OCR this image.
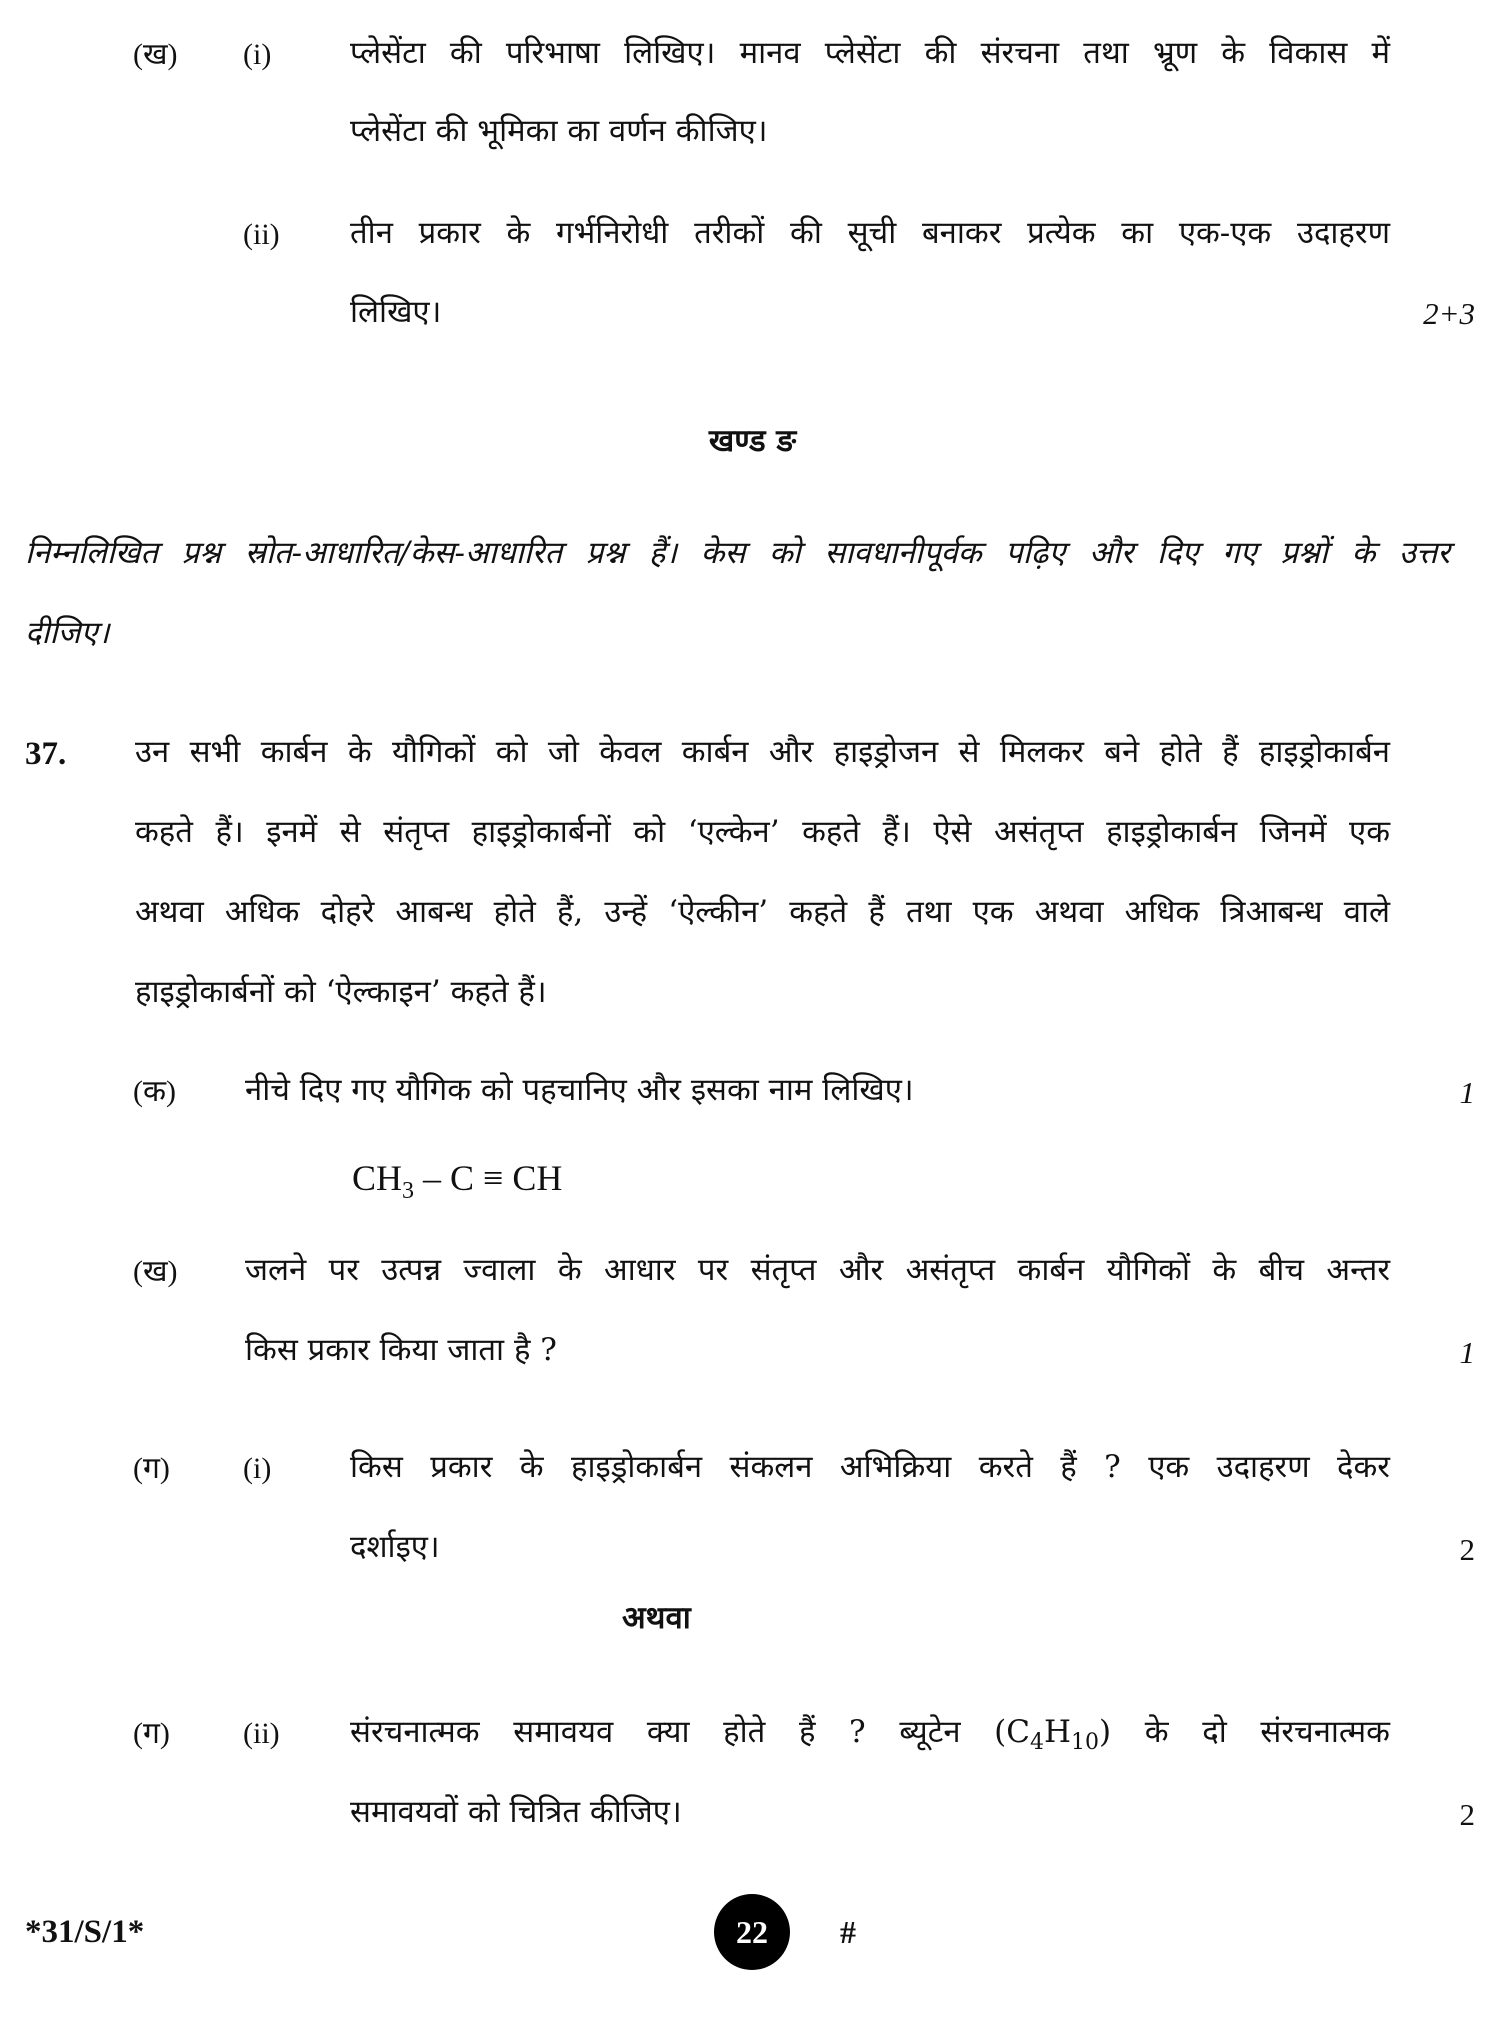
(ख) (i)	प्लेसेंटा की परिभाषा लिखिए। मानव प्लेसेंटा की संरचना तथा भ्रूण के विकास में
प्लेसेंटा की भूमिका का वर्णन कीजिए।
(ii) तीन प्रकार के गर्भनिरोधी तरीकों की सूची बनाकर प्रत्येक का एक-एक उदाहरण
लिखिए।	2+3
खण्ड ङ
निम्नलिखित प्रश्न स्रोत-आधारित/केस-आधारित प्रश्न हैं। केस को सावधानीपूर्वक पढ़िए और दिए गए प्रश्नों के उत्तर
दीजिए।
37. उन सभी कार्बन के यौगिकों को जो केवल कार्बन और हाइड्रोजन से मिलकर बने होते हैं हाइड्रोकार्बन
कहते हैं। इनमें से संतृप्त हाइड्रोकार्बनों को ‘एल्केन’ कहते हैं। ऐसे असंतृप्त हाइड्रोकार्बन जिनमें एक
अथवा अधिक दोहरे आबन्ध होते हैं, उन्हें ‘ऐल्कीन’ कहते हैं तथा एक अथवा अधिक त्रिआबन्ध वाले
हाइड्रोकार्बनों को ‘ऐल्काइन’ कहते हैं।
(क) नीचे दिए गए यौगिक को पहचानिए और इसका नाम लिखिए।	1
$CH_3$ – C ≡ CH
(ख) जलने पर उत्पन्न ज्वाला के आधार पर संतृप्त और असंतृप्त कार्बन यौगिकों के बीच अन्तर
किस प्रकार किया जाता है ?	1
(ग) (i)	किस प्रकार के हाइड्रोकार्बन संकलन अभिक्रिया करते हैं ? एक उदाहरण देकर
दर्शाइए।	2
अथवा
(ग) (ii) संरचनात्मक समावयव क्या होते हैं ? ब्यूटेन $(C_4H_{10})$ के दो संरचनात्मक
समावयवों को चित्रित कीजिए।	2
*31/S/1*	22 #
